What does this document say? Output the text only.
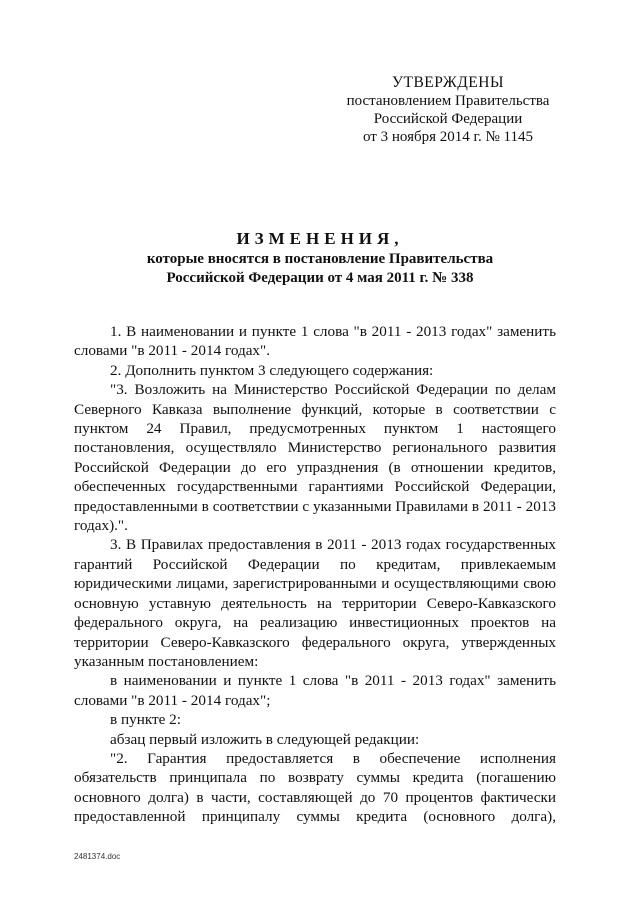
УТВЕРЖДЕНЫ
постановлением Правительства
Российской Федерации
от 3 ноября 2014 г. № 1145
ИЗМЕНЕНИЯ,
которые вносятся в постановление Правительства
Российской Федерации от 4 мая 2011 г. № 338

1. В наименовании и пункте 1 слова "в 2011 - 2013 годах" заменить словами "в 2011 - 2014 годах".

2. Дополнить пунктом 3 следующего содержания:

"3. Возложить на Министерство Российской Федерации по делам Северного Кавказа выполнение функций, которые в соответствии с пунктом 24 Правил, предусмотренных пунктом 1 настоящего постановления, осуществляло Министерство регионального развития Российской Федерации до его упразднения (в отношении кредитов, обеспеченных государственными гарантиями Российской Федерации, предоставленными в соответствии с указанными Правилами в 2011 - 2013 годах).".

3. В Правилах предоставления в 2011 - 2013 годах государственных гарантий Российской Федерации по кредитам, привлекаемым юридическими лицами, зарегистрированными и осуществляющими свою основную уставную деятельность на территории Северо-Кавказского федерального округа, на реализацию инвестиционных проектов на территории Северо-Кавказского федерального округа, утвержденных указанным постановлением:

в наименовании и пункте 1 слова "в 2011 - 2013 годах" заменить словами "в 2011 - 2014 годах";

в пункте 2:

абзац первый изложить в следующей редакции:

"2. Гарантия предоставляется в обеспечение исполнения обязательств принципала по возврату суммы кредита (погашению основного долга) в части, составляющей до 70 процентов фактически предоставленной принципалу суммы кредита (основного долга),

2481374.doc
